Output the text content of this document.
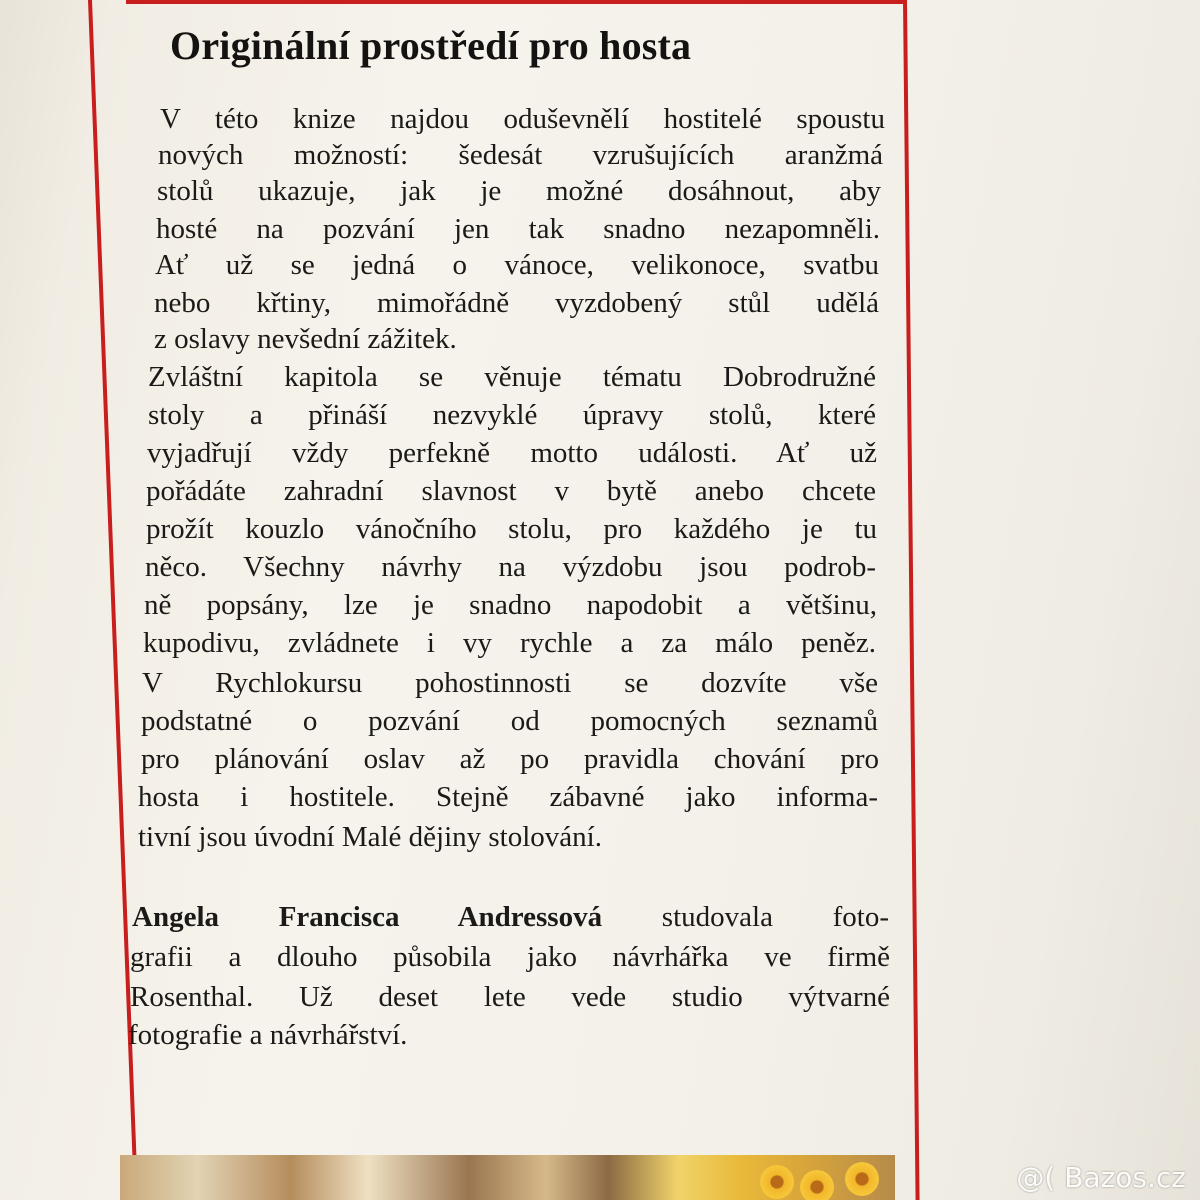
Originální prostředí pro hosta
V této knize najdou oduševnělí hostitelé spoustu
nových možností: šedesát vzrušujících aranžmá
stolů ukazuje, jak je možné dosáhnout, aby
hosté na pozvání jen tak snadno nezapomněli.
Ať už se jedná o vánoce, velikonoce, svatbu
nebo křtiny, mimořádně vyzdobený stůl udělá
z oslavy nevšední zážitek.
Zvláštní kapitola se věnuje tématu Dobrodružné
stoly a přináší nezvyklé úpravy stolů, které
vyjadřují vždy perfekně motto události. Ať už
pořádáte zahradní slavnost v bytě anebo chcete
prožít kouzlo vánočního stolu, pro každého je tu
něco. Všechny návrhy na výzdobu jsou podrob-
ně popsány, lze je snadno napodobit a většinu,
kupodivu, zvládnete i vy rychle a za málo peněz.
V Rychlokursu pohostinnosti se dozvíte vše
podstatné o pozvání od pomocných seznamů
pro plánování oslav až po pravidla chování pro
hosta i hostitele. Stejně zábavné jako informa-
tivní jsou úvodní Malé dějiny stolování.
Angela Francisca Andressová studovala foto-
grafii a dlouho působila jako návrhářka ve firmě
Rosenthal. Už deset lete vede studio výtvarné
fotografie a návrhářství.
@( Bazos.cz
